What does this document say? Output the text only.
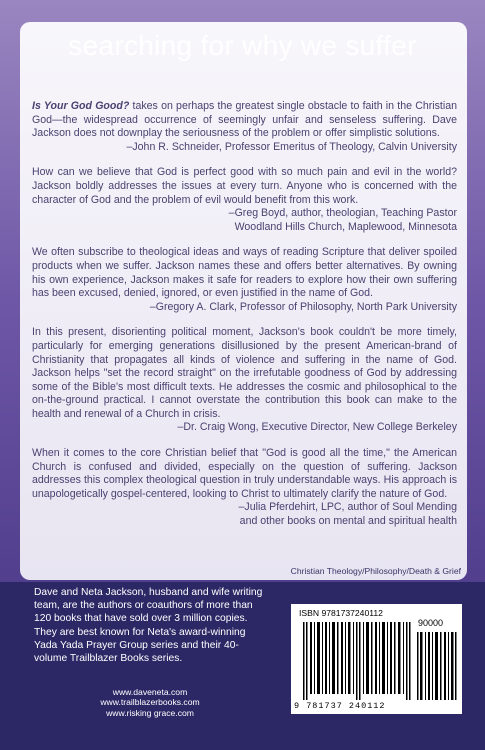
searching for why we suffer

Is Your God Good? takes on perhaps the greatest single obstacle to faith in the Christian God—the widespread occurrence of seemingly unfair and senseless suffering. Dave Jackson does not downplay the seriousness of the problem or offer simplistic solutions.

–John R. Schneider, Professor Emeritus of Theology, Calvin University

How can we believe that God is perfect good with so much pain and evil in the world? Jackson boldly addresses the issues at every turn. Anyone who is concerned with the character of God and the problem of evil would benefit from this work.

–Greg Boyd, author, theologian, Teaching Pastor

Woodland Hills Church, Maplewood, Minnesota

We often subscribe to theological ideas and ways of reading Scripture that deliver spoiled products when we suffer. Jackson names these and offers better alternatives. By owning his own experience, Jackson makes it safe for readers to explore how their own suffering has been excused, denied, ignored, or even justified in the name of God.

–Gregory A. Clark, Professor of Philosophy, North Park University

In this present, disorienting political moment, Jackson's book couldn't be more timely, particularly for emerging generations disillusioned by the present American-brand of Christianity that propagates all kinds of violence and suffering in the name of God. Jackson helps "set the record straight" on the irrefutable goodness of God by addressing some of the Bible's most difficult texts. He addresses the cosmic and philosophical to the on-the-ground practical. I cannot overstate the contribution this book can make to the health and renewal of a Church in crisis.

–Dr. Craig Wong, Executive Director, New College Berkeley

When it comes to the core Christian belief that "God is good all the time," the American Church is confused and divided, especially on the question of suffering. Jackson addresses this complex theological question in truly understandable ways. His approach is unapologetically gospel-centered, looking to Christ to ultimately clarify the nature of God.

–Julia Pferdehirt, LPC, author of Soul Mending

and other books on mental and spiritual health

Christian Theology/Philosophy/Death & Grief
Dave and Neta Jackson, husband and wife writing team, are the authors or coauthors of more than 120 books that have sold over 3 million copies. They are best known for Neta's award-winning Yada Yada Prayer Group series and their 40-volume Trailblazer Books series.
www.daveneta.com
www.trailblazerbooks.com
www.risking grace.com
ISBN 9781737240112
90000
9 781737 240112
